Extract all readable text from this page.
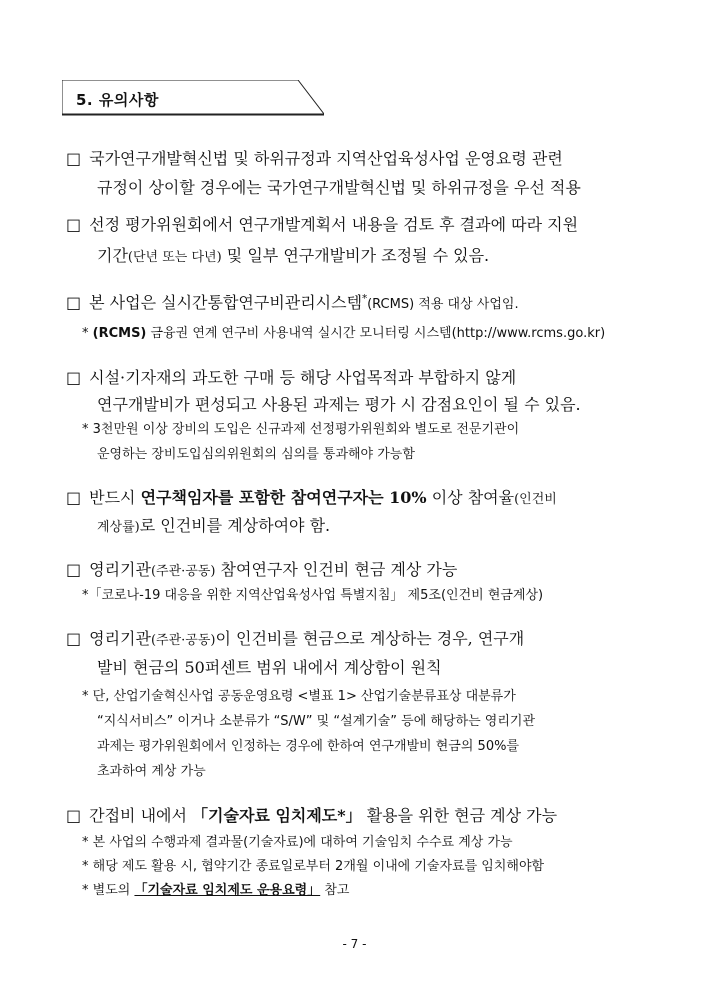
5. 유의사항
□ 국가연구개발혁신법 및 하위규정과 지역산업육성사업 운영요령 관련
규정이 상이할 경우에는 국가연구개발혁신법 및 하위규정을 우선 적용
□ 선정 평가위원회에서 연구개발계획서 내용을 검토 후 결과에 따라 지원
기간(단년 또는 다년) 및 일부 연구개발비가 조정될 수 있음.
□ 본 사업은 실시간통합연구비관리시스템*(RCMS) 적용 대상 사업임.
* (RCMS) 금융권 연계 연구비 사용내역 실시간 모니터링 시스템(http://www.rcms.go.kr)
□ 시설·기자재의 과도한 구매 등 해당 사업목적과 부합하지 않게
연구개발비가 편성되고 사용된 과제는 평가 시 감점요인이 될 수 있음.
* 3천만원 이상 장비의 도입은 신규과제 선정평가위원회와 별도로 전문기관이
운영하는 장비도입심의위원회의 심의를 통과해야 가능함
□ 반드시 연구책임자를 포함한 참여연구자는 10% 이상 참여율(인건비
계상률)로 인건비를 계상하여야 함.
□ 영리기관(주관·공동) 참여연구자 인건비 현금 계상 가능
*「코로나-19 대응을 위한 지역산업육성사업 특별지침」 제5조(인건비 현금계상)
□ 영리기관(주관·공동)이 인건비를 현금으로 계상하는 경우, 연구개
발비 현금의 50퍼센트 범위 내에서 계상함이 원칙
* 단, 산업기술혁신사업 공동운영요령 <별표 1> 산업기술분류표상 대분류가
“지식서비스” 이거나 소분류가 “S/W” 및 “설계기술” 등에 해당하는 영리기관
과제는 평가위원회에서 인정하는 경우에 한하여 연구개발비 현금의 50%를
초과하여 계상 가능
□ 간접비 내에서 「기술자료 임치제도*」 활용을 위한 현금 계상 가능
* 본 사업의 수행과제 결과물(기술자료)에 대하여 기술임치 수수료 계상 가능
* 해당 제도 활용 시, 협약기간 종료일로부터 2개월 이내에 기술자료를 임치해야함
* 별도의 「기술자료 임치제도 운용요령」 참고
- 7 -
